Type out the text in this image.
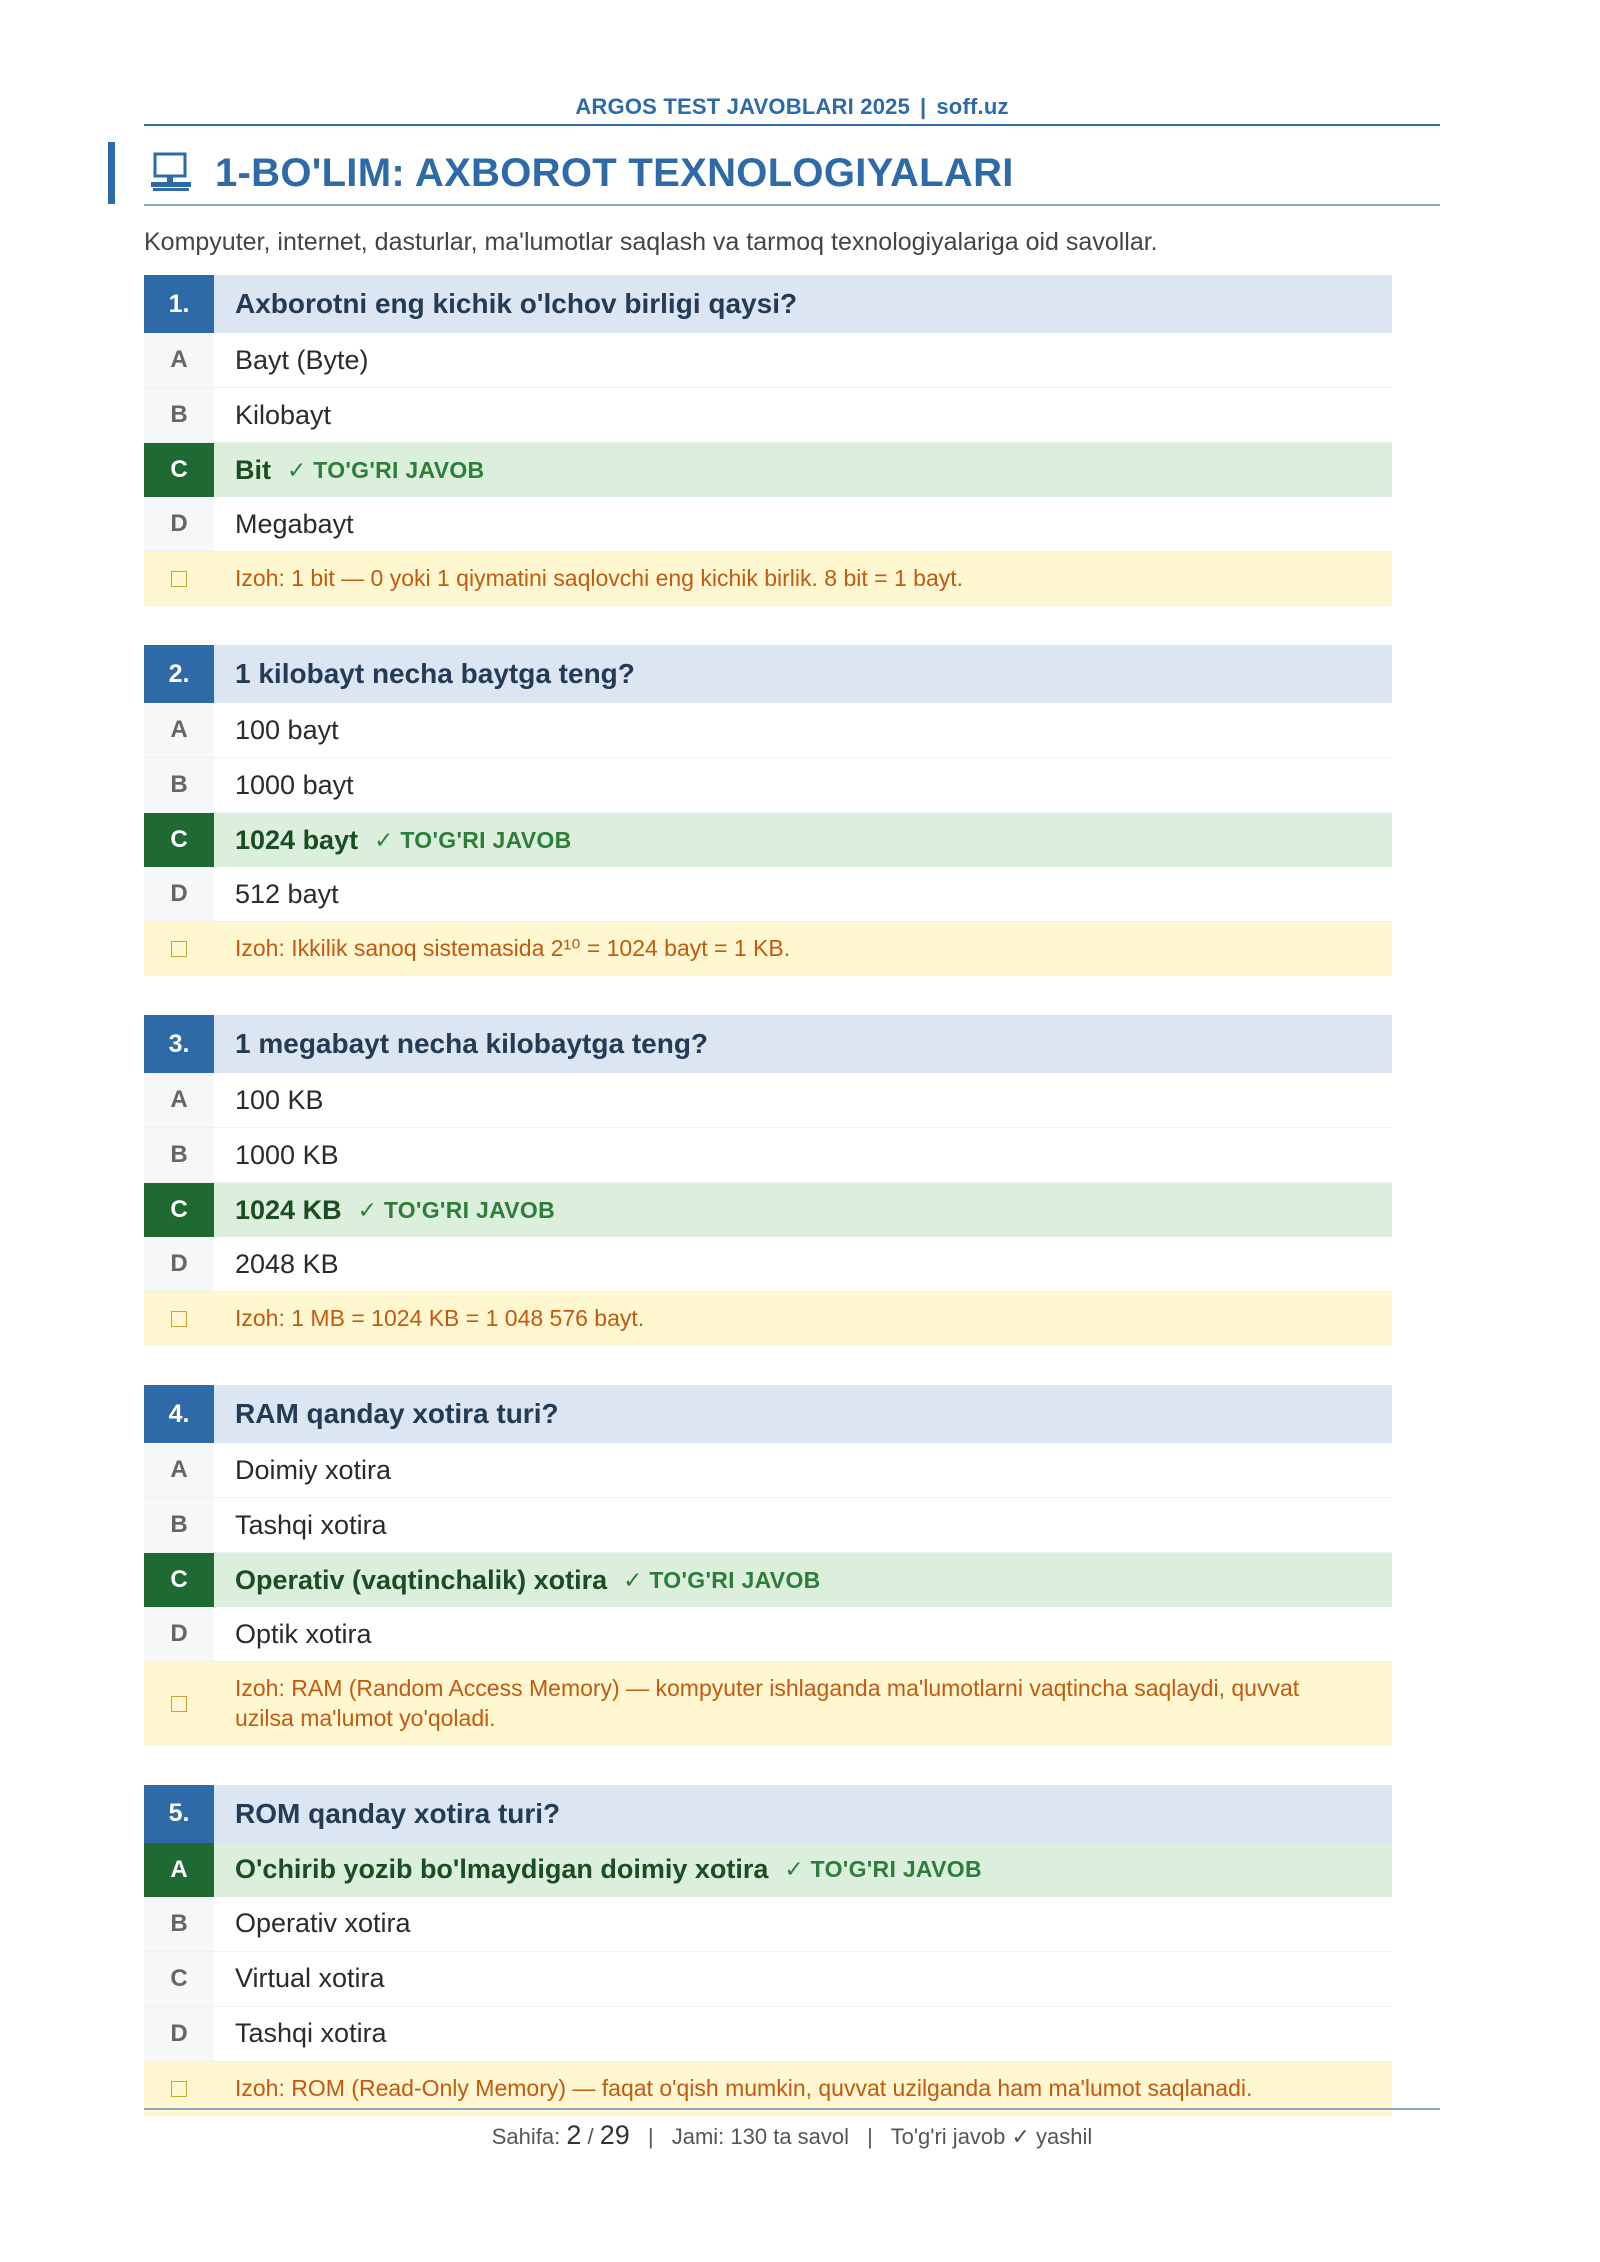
ARGOS TEST JAVOBLARI 2025 | soff.uz
1-BO'LIM: AXBOROT TEXNOLOGIYALARI
Kompyuter, internet, dasturlar, ma'lumotlar saqlash va tarmoq texnologiyalariga oid savollar.
1.	Axborotni eng kichik o'lchov birligi qaysi?
A	Bayt (Byte)
B	Kilobayt
C	Bit ✓ TO'G'RI JAVOB
D	Megabayt
Izoh: 1 bit — 0 yoki 1 qiymatini saqlovchi eng kichik birlik. 8 bit = 1 bayt.
2.	1 kilobayt necha baytga teng?
A	100 bayt
B	1000 bayt
C	1024 bayt ✓ TO'G'RI JAVOB
D	512 bayt
Izoh: Ikkilik sanoq sistemasida 2¹⁰ = 1024 bayt = 1 KB.
3.	1 megabayt necha kilobaytga teng?
A	100 KB
B	1000 KB
C	1024 KB ✓ TO'G'RI JAVOB
D	2048 KB
Izoh: 1 MB = 1024 KB = 1 048 576 bayt.
4.	RAM qanday xotira turi?
A	Doimiy xotira
B	Tashqi xotira
C	Operativ (vaqtinchalik) xotira ✓ TO'G'RI JAVOB
D	Optik xotira
Izoh: RAM (Random Access Memory) — kompyuter ishlaganda ma'lumotlarni vaqtincha saqlaydi, quvvat uzilsa ma'lumot yo'qoladi.
5.	ROM qanday xotira turi?
A	O'chirib yozib bo'lmaydigan doimiy xotira ✓ TO'G'RI JAVOB
B	Operativ xotira
C	Virtual xotira
D	Tashqi xotira
Izoh: ROM (Read-Only Memory) — faqat o'qish mumkin, quvvat uzilganda ham ma'lumot saqlanadi.
Sahifa: 2 / 29 | Jami: 130 ta savol | To'g'ri javob ✓ yashil
